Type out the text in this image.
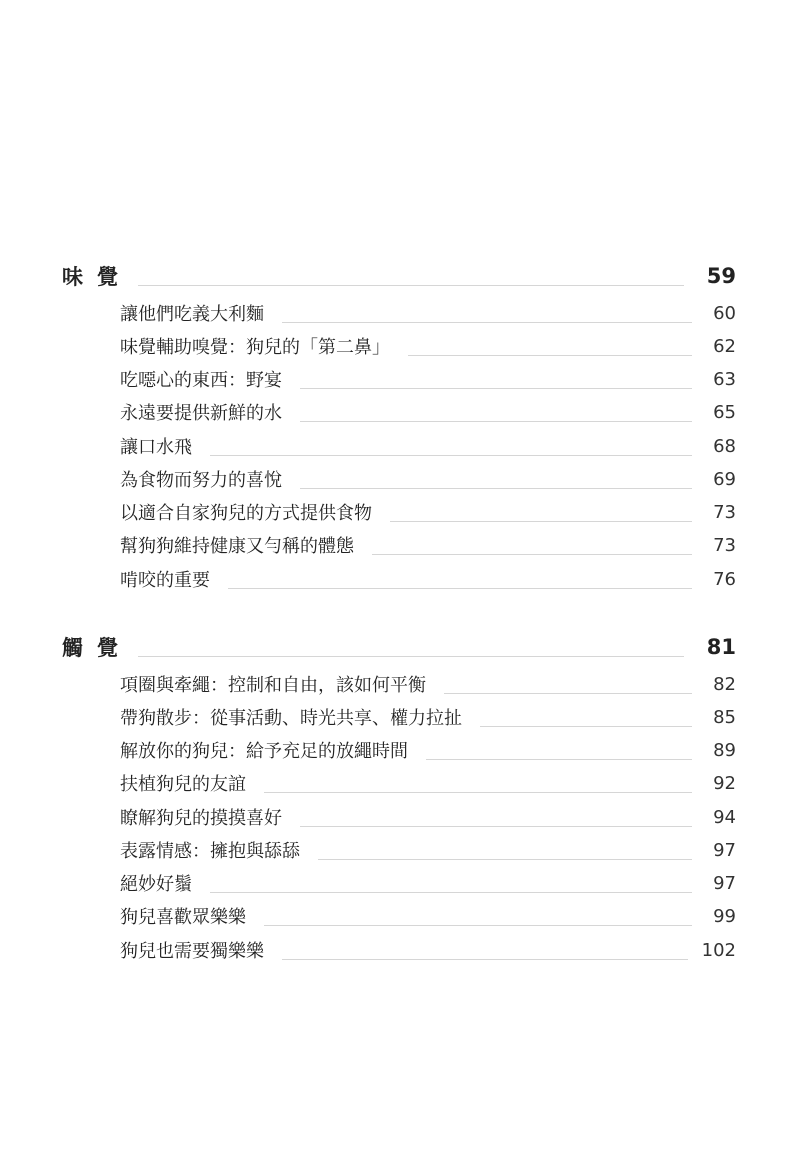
味覺	59
讓他們吃義大利麵	60
味覺輔助嗅覺：狗兒的「第二鼻」	62
吃噁心的東西：野宴	63
永遠要提供新鮮的水	65
讓口水飛	68
為食物而努力的喜悅	69
以適合自家狗兒的方式提供食物	73
幫狗狗維持健康又勻稱的體態	73
啃咬的重要	76
觸覺	81
項圈與牽繩：控制和自由，該如何平衡	82
帶狗散步：從事活動、時光共享、權力拉扯	85
解放你的狗兒：給予充足的放繩時間	89
扶植狗兒的友誼	92
瞭解狗兒的摸摸喜好	94
表露情感：擁抱與舔舔	97
絕妙好鬚	97
狗兒喜歡眾樂樂	99
狗兒也需要獨樂樂	102
